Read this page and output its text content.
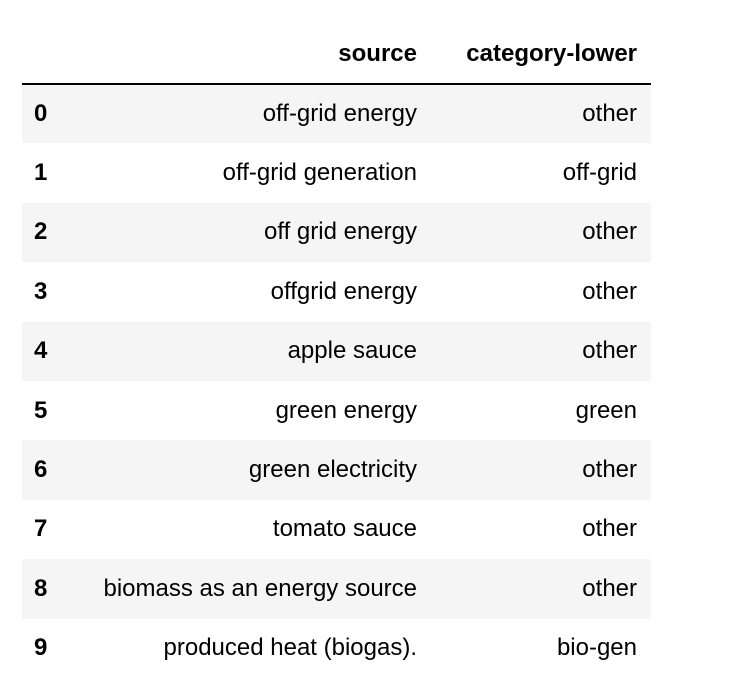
	source	category-lower
0	off-grid energy	other
1	off-grid generation	off-grid
2	off grid energy	other
3	offgrid energy	other
4	apple sauce	other
5	green energy	green
6	green electricity	other
7	tomato sauce	other
8	biomass as an energy source	other
9	produced heat (biogas).	bio-gen
